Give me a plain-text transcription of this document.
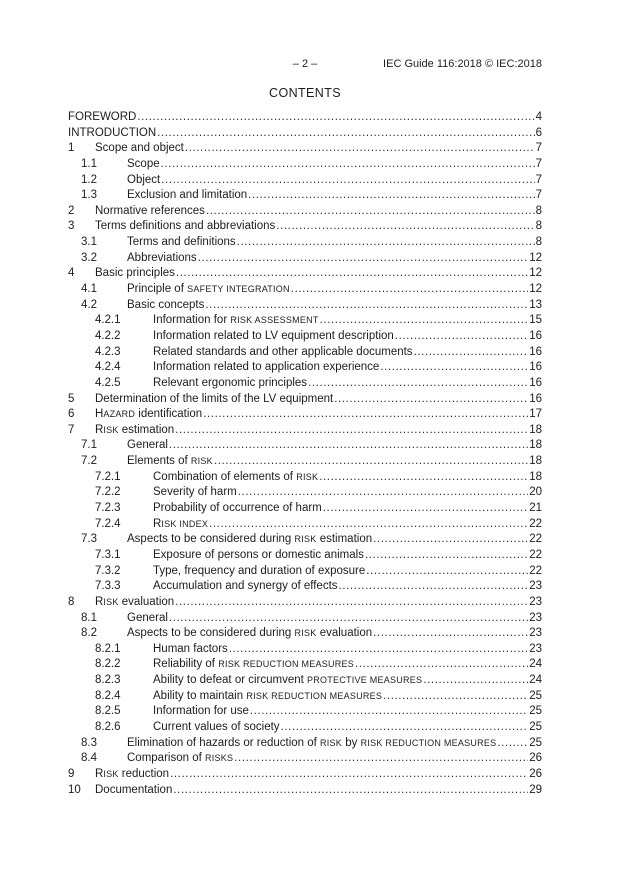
– 2 –	IEC Guide 116:2018 © IEC:2018
CONTENTS
FOREWORD .....	4
INTRODUCTION .....	6
1	Scope and object .....	7
1.1	Scope .....	7
1.2	Object .....	7
1.3	Exclusion and limitation .....	7
2	Normative references .....	8
3	Terms definitions and abbreviations .....	8
3.1	Terms and definitions .....	8
3.2	Abbreviations .....	12
4	Basic principles .....	12
4.1	Principle of SAFETY INTEGRATION .....	12
4.2	Basic concepts .....	13
4.2.1	Information for RISK ASSESSMENT .....	15
4.2.2	Information related to LV equipment description .....	16
4.2.3	Related standards and other applicable documents .....	16
4.2.4	Information related to application experience .....	16
4.2.5	Relevant ergonomic principles .....	16
5	Determination of the limits of the LV equipment .....	16
6	HAZARD identification .....	17
7	RISK estimation .....	18
7.1	General .....	18
7.2	Elements of RISK .....	18
7.2.1	Combination of elements of RISK .....	18
7.2.2	Severity of harm .....	20
7.2.3	Probability of occurrence of harm .....	21
7.2.4	RISK INDEX .....	22
7.3	Aspects to be considered during RISK estimation .....	22
7.3.1	Exposure of persons or domestic animals .....	22
7.3.2	Type, frequency and duration of exposure .....	22
7.3.3	Accumulation and synergy of effects .....	23
8	RISK evaluation .....	23
8.1	General .....	23
8.2	Aspects to be considered during RISK evaluation .....	23
8.2.1	Human factors .....	23
8.2.2	Reliability of RISK REDUCTION MEASURES .....	24
8.2.3	Ability to defeat or circumvent PROTECTIVE MEASURES .....	24
8.2.4	Ability to maintain RISK REDUCTION MEASURES .....	25
8.2.5	Information for use .....	25
8.2.6	Current values of society .....	25
8.3	Elimination of hazards or reduction of RISK by RISK REDUCTION MEASURES .....	25
8.4	Comparison of RISKS .....	26
9	RISK reduction .....	26
10	Documentation .....	29
